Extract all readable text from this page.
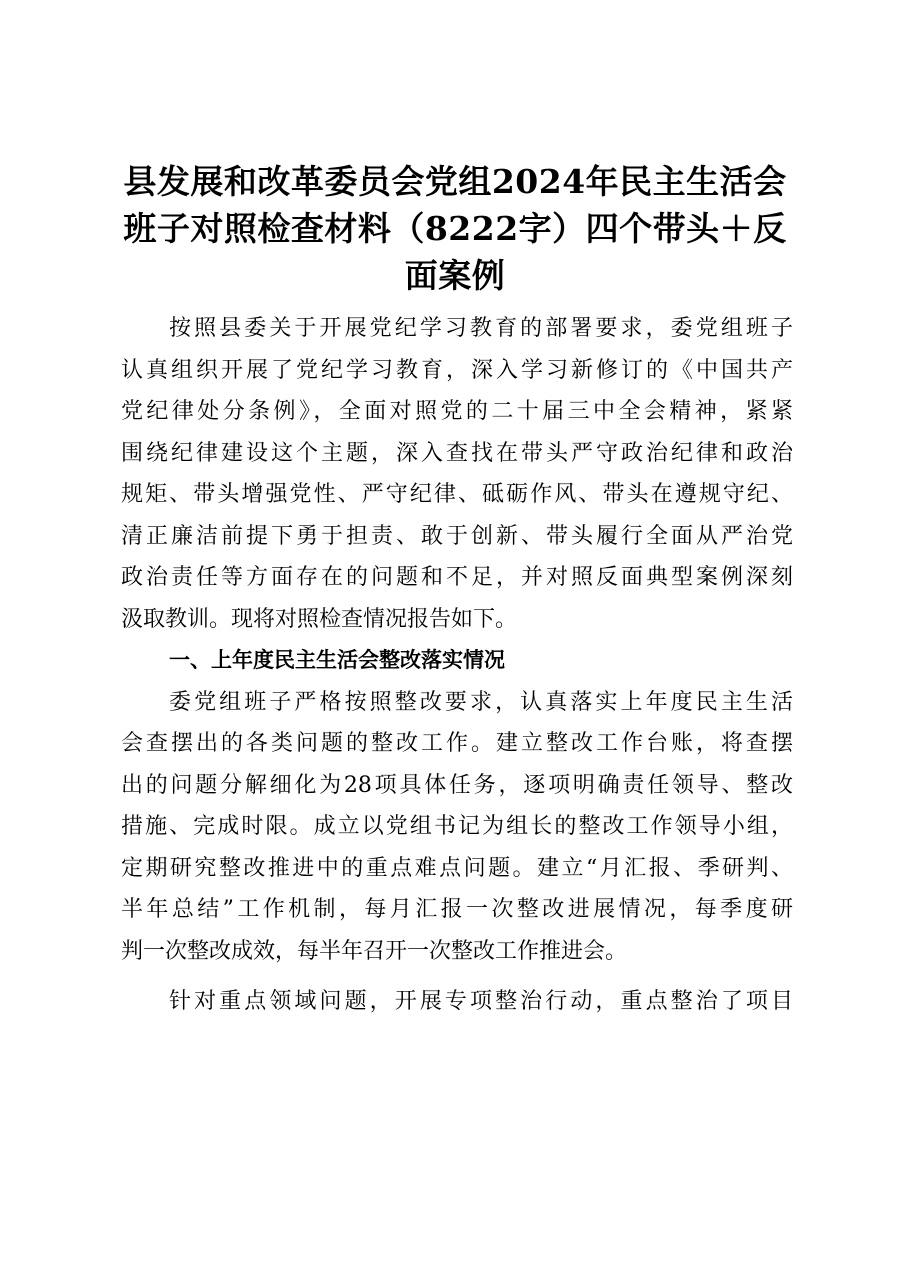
县发展和改革委员会党组2024年民主生活会
班子对照检查材料（8222字）四个带头＋反
面案例
按照县委关于开展党纪学习教育的部署要求，委党组班子
认真组织开展了党纪学习教育，深入学习新修订的《中国共产
党纪律处分条例》，全面对照党的二十届三中全会精神，紧紧
围绕纪律建设这个主题，深入查找在带头严守政治纪律和政治
规矩、带头增强党性、严守纪律、砥砺作风、带头在遵规守纪、
清正廉洁前提下勇于担责、敢于创新、带头履行全面从严治党
政治责任等方面存在的问题和不足，并对照反面典型案例深刻
汲取教训。现将对照检查情况报告如下。
一、上年度民主生活会整改落实情况
委党组班子严格按照整改要求，认真落实上年度民主生活
会查摆出的各类问题的整改工作。建立整改工作台账，将查摆
出的问题分解细化为28项具体任务，逐项明确责任领导、整改
措施、完成时限。成立以党组书记为组长的整改工作领导小组，
定期研究整改推进中的重点难点问题。建立“月汇报、季研判、
半年总结”工作机制，每月汇报一次整改进展情况，每季度研
判一次整改成效，每半年召开一次整改工作推进会。
针对重点领域问题，开展专项整治行动，重点整治了项目
